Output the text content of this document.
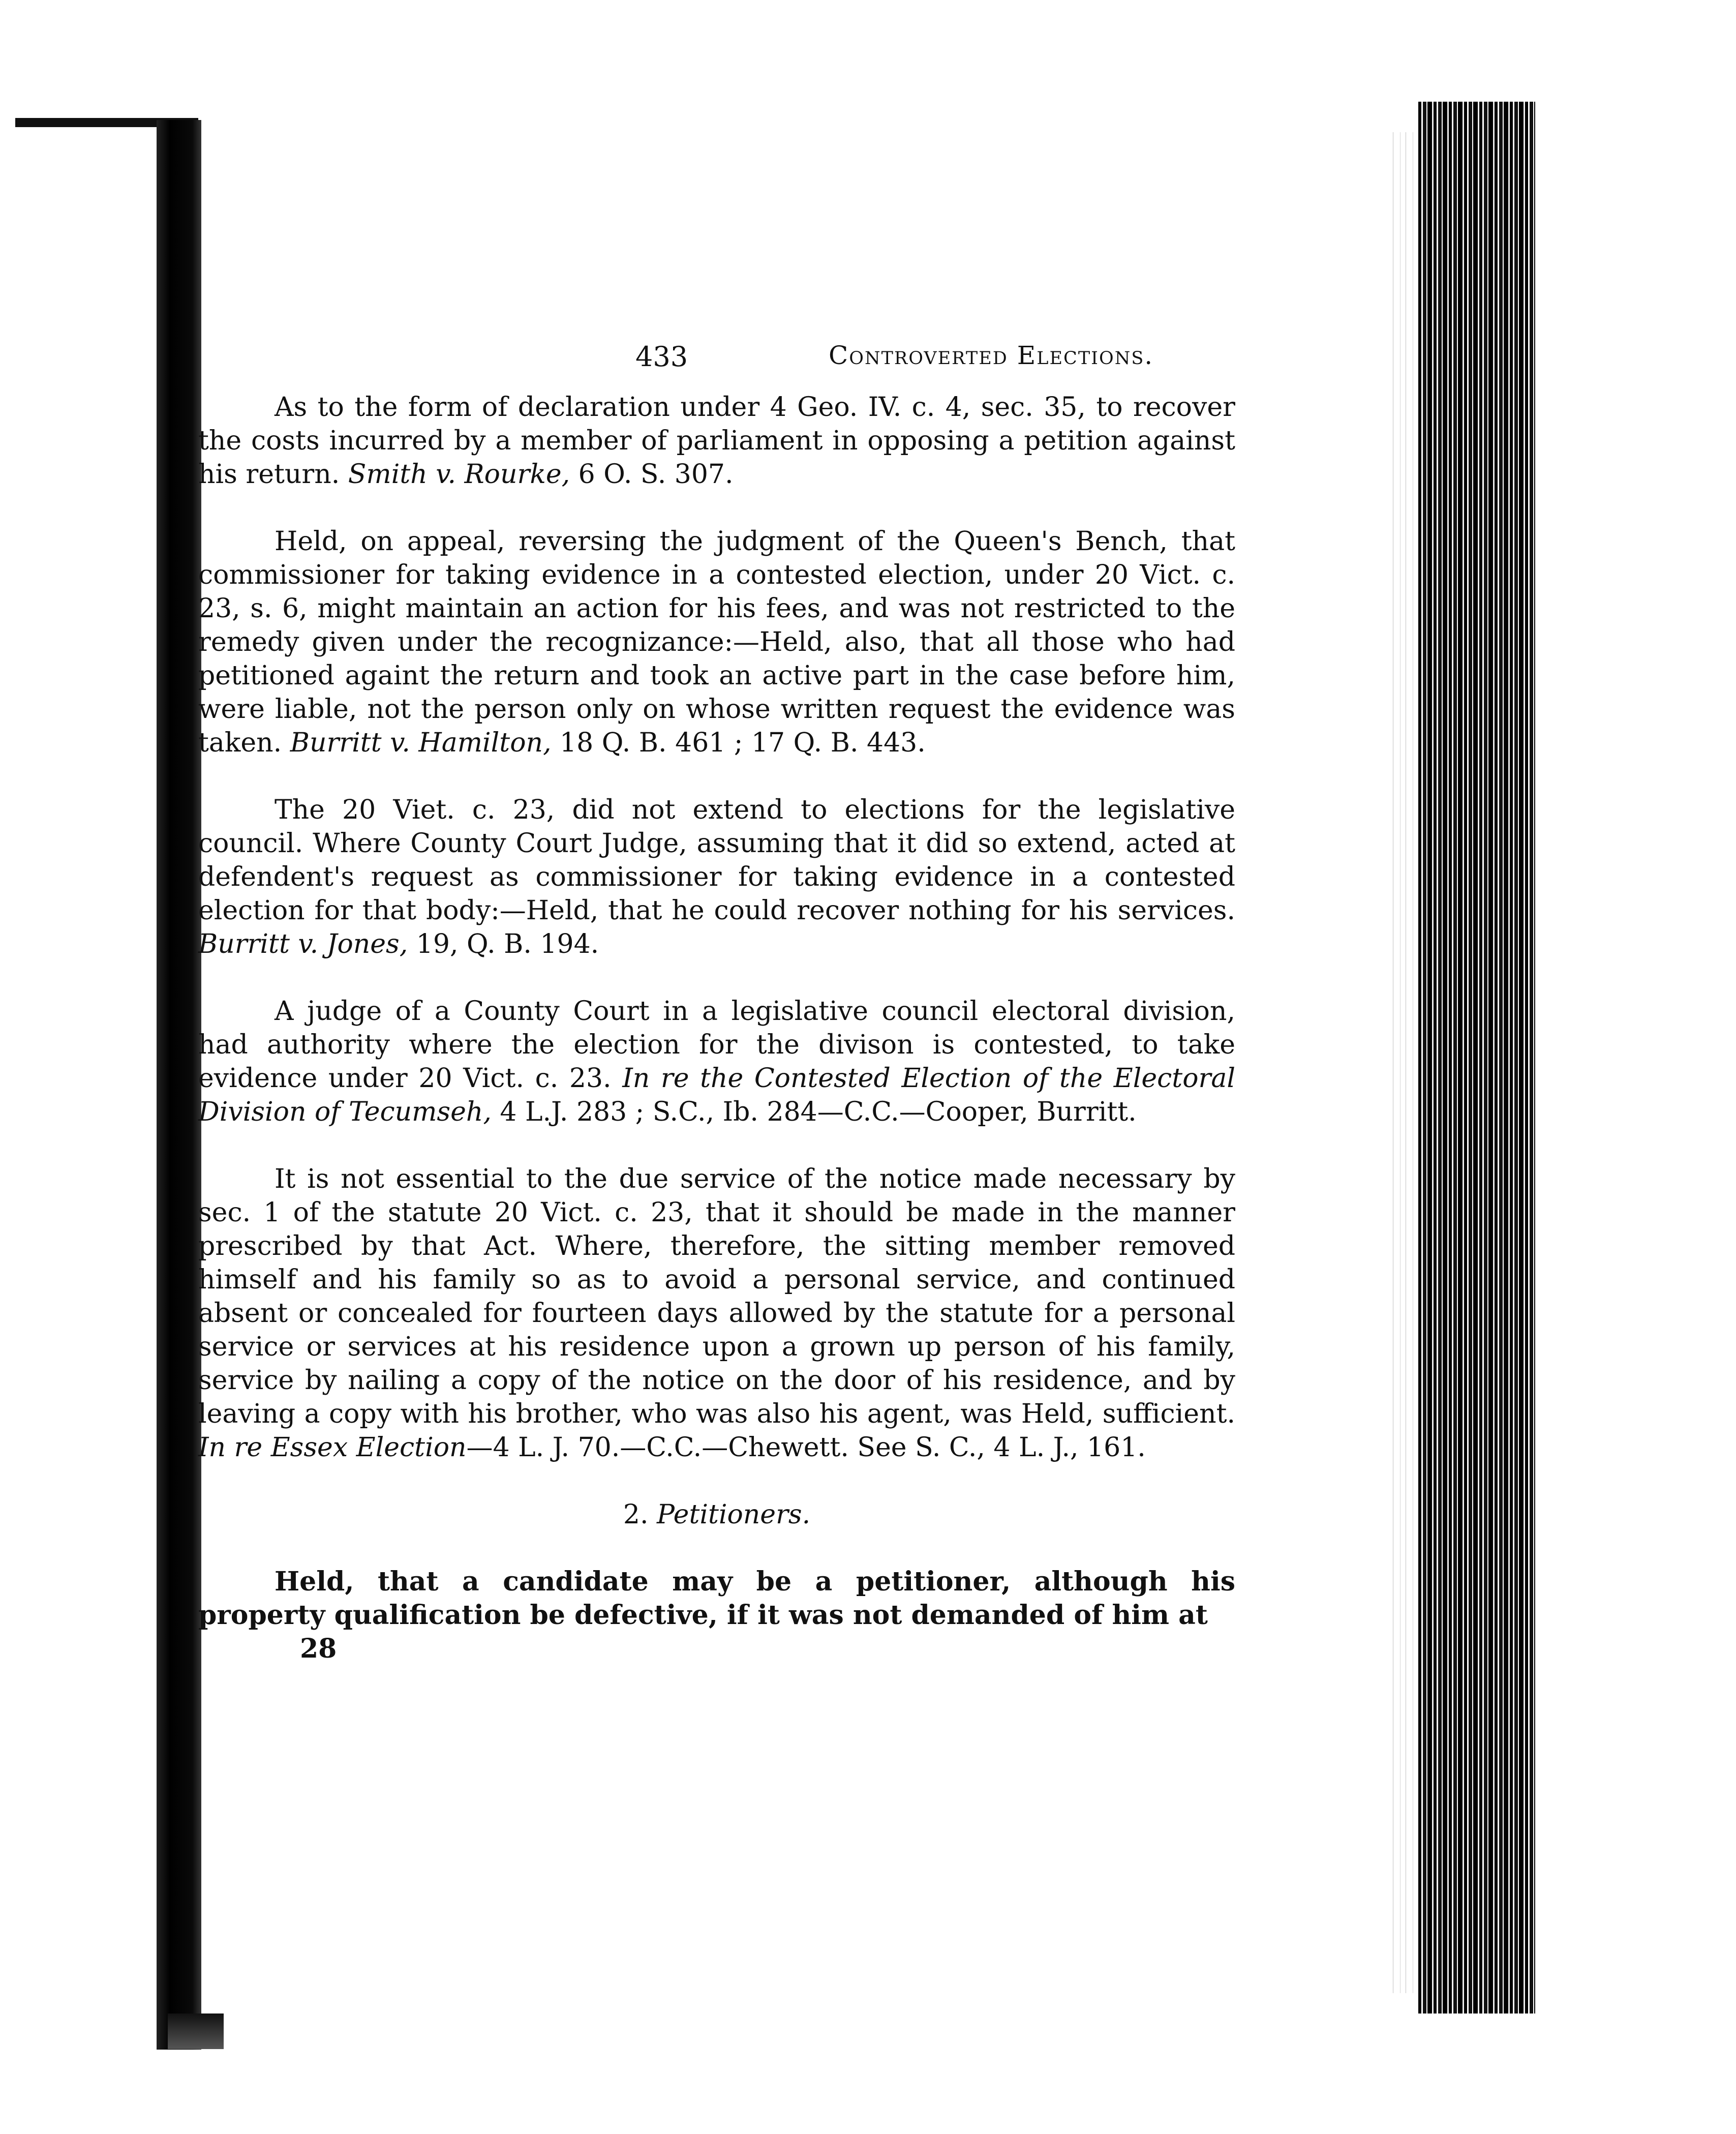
433	Controverted Elections.

As to the form of declaration under 4 Geo. IV. c. 4, sec. 35, to recover the costs incurred by a member of parliament in opposing a petition against his return. Smith v. Rourke, 6 O. S. 307.

Held, on appeal, reversing the judgment of the Queen's Bench, that commissioner for taking evidence in a contested election, under 20 Vict. c. 23, s. 6, might maintain an action for his fees, and was not restricted to the remedy given under the recognizance:—Held, also, that all those who had petitioned againt the return and took an active part in the case before him, were liable, not the person only on whose written request the evidence was taken. Burritt v. Hamilton, 18 Q. B. 461 ; 17 Q. B. 443.

The 20 Viet. c. 23, did not extend to elections for the legislative council. Where County Court Judge, assuming that it did so extend, acted at defendent's request as commissioner for taking evidence in a contested election for that body:—Held, that he could recover nothing for his services. Burritt v. Jones, 19, Q. B. 194.

A judge of a County Court in a legislative council electoral division, had authority where the election for the divison is contested, to take evidence under 20 Vict. c. 23. In re the Contested Election of the Electoral Division of Tecumseh, 4 L.J. 283 ; S.C., Ib. 284—C.C.—Cooper, Burritt.

It is not essential to the due service of the notice made necessary by sec. 1 of the statute 20 Vict. c. 23, that it should be made in the manner prescribed by that Act. Where, therefore, the sitting member removed himself and his family so as to avoid a personal service, and continued absent or concealed for fourteen days allowed by the statute for a personal service or services at his residence upon a grown up person of his family, service by nailing a copy of the notice on the door of his residence, and by leaving a copy with his brother, who was also his agent, was Held, sufficient. In re Essex Election—4 L. J. 70.—C.C.—Chewett. See S. C., 4 L. J., 161.

2. Petitioners.

Held, that a candidate may be a petitioner, although his property qualification be defective, if it was not demanded of him at

28
